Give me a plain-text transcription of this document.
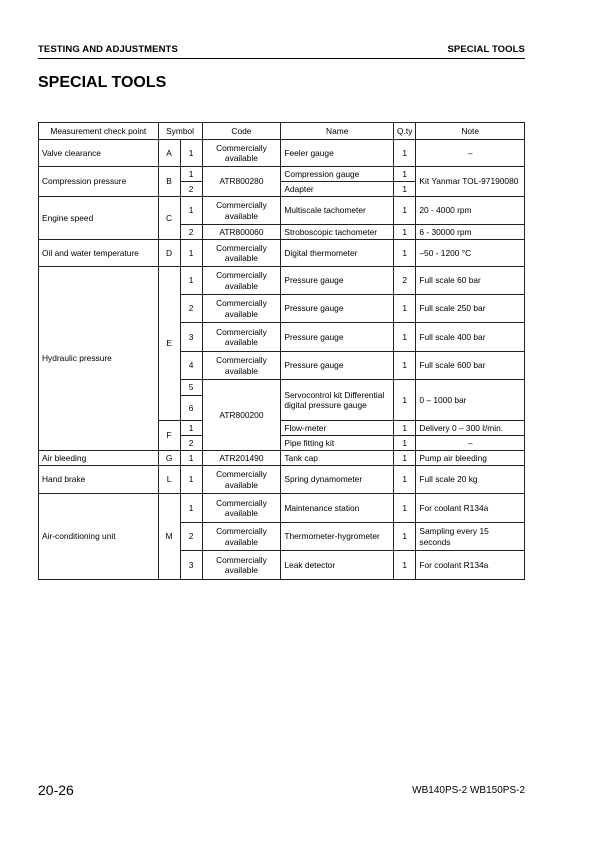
TESTING AND ADJUSTMENTS	SPECIAL TOOLS
SPECIAL TOOLS
Measurement check point	Symbol		Code	Name	Q.ty	Note
Valve clearance	A	1	Commercially available	Feeler gauge	1	–
Compression pressure	B	1	ATR800280	Compression gauge	1	Kit Yanmar TOL-97190080
		2		Adapter	1	
Engine speed	C	1	Commercially available	Multiscale tachometer	1	20 - 4000 rpm
		2	ATR800060	Stroboscopic tachometer	1	6 - 30000 rpm
Oil and water temperature	D	1	Commercially available	Digital thermometer	1	–50 - 1200 °C
Hydraulic pressure	E	1	Commercially available	Pressure gauge	2	Full scale 60 bar
		2	Commercially available	Pressure gauge	1	Full scale 250 bar
		3	Commercially available	Pressure gauge	1	Full scale 400 bar
		4	Commercially available	Pressure gauge	1	Full scale 600 bar
		5	ATR800200	Servocontrol kit Differential digital pressure gauge	1	0 – 1000 bar
		6				
	F	1		Flow-meter	1	Delivery 0 – 300 ℓ/min.
		2		Pipe fitting kit	1	–
Air bleeding	G	1	ATR201490	Tank cap	1	Pump air bleeding
Hand brake	L	1	Commercially available	Spring dynamometer	1	Full scale 20 kg
Air-conditioning unit	M	1	Commercially available	Maintenance station	1	For coolant R134a
		2	Commercially available	Thermometer-hygrometer	1	Sampling every 15 seconds
		3	Commercially available	Leak detector	1	For coolant R134a
20-26	WB140PS-2 WB150PS-2
